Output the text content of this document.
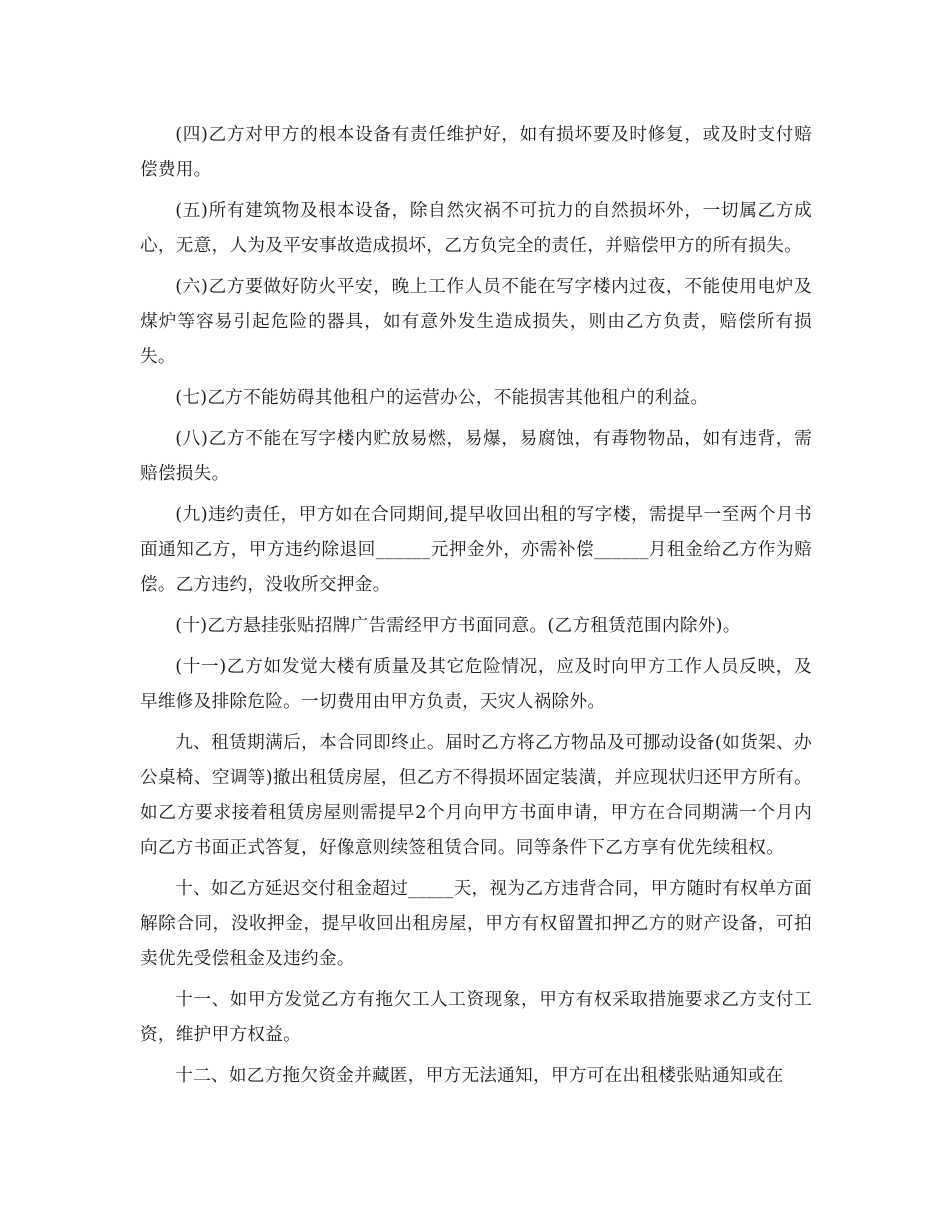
(四)乙方对甲方的根本设备有责任维护好，如有损坏要及时修复，或及时支付赔偿费用。

(五)所有建筑物及根本设备，除自然灾祸不可抗力的自然损坏外，一切属乙方成心，无意，人为及平安事故造成损坏，乙方负完全的责任，并赔偿甲方的所有损失。

(六)乙方要做好防火平安，晚上工作人员不能在写字楼内过夜，不能使用电炉及煤炉等容易引起危险的器具，如有意外发生造成损失，则由乙方负责，赔偿所有损失。

(七)乙方不能妨碍其他租户的运营办公，不能损害其他租户的利益。

(八)乙方不能在写字楼内贮放易燃，易爆，易腐蚀，有毒物物品，如有违背，需赔偿损失。

(九)违约责任，甲方如在合同期间,提早收回出租的写字楼，需提早一至两个月书面通知乙方，甲方违约除退回______元押金外，亦需补偿______月租金给乙方作为赔偿。乙方违约，没收所交押金。

(十)乙方悬挂张贴招牌广告需经甲方书面同意。(乙方租赁范围内除外)。

(十一)乙方如发觉大楼有质量及其它危险情况，应及时向甲方工作人员反映，及早维修及排除危险。一切费用由甲方负责，天灾人祸除外。

九、租赁期满后，本合同即终止。届时乙方将乙方物品及可挪动设备(如货架、办公桌椅、空调等)撤出租赁房屋，但乙方不得损坏固定装潢，并应现状归还甲方所有。如乙方要求接着租赁房屋则需提早2个月向甲方书面申请，甲方在合同期满一个月内向乙方书面正式答复，好像意则续签租赁合同。同等条件下乙方享有优先续租权。

十、如乙方延迟交付租金超过_____天，视为乙方违背合同，甲方随时有权单方面解除合同，没收押金，提早收回出租房屋，甲方有权留置扣押乙方的财产设备，可拍卖优先受偿租金及违约金。

十一、如甲方发觉乙方有拖欠工人工资现象，甲方有权采取措施要求乙方支付工资，维护甲方权益。

十二、如乙方拖欠资金并藏匿，甲方无法通知，甲方可在出租楼张贴通知或在
